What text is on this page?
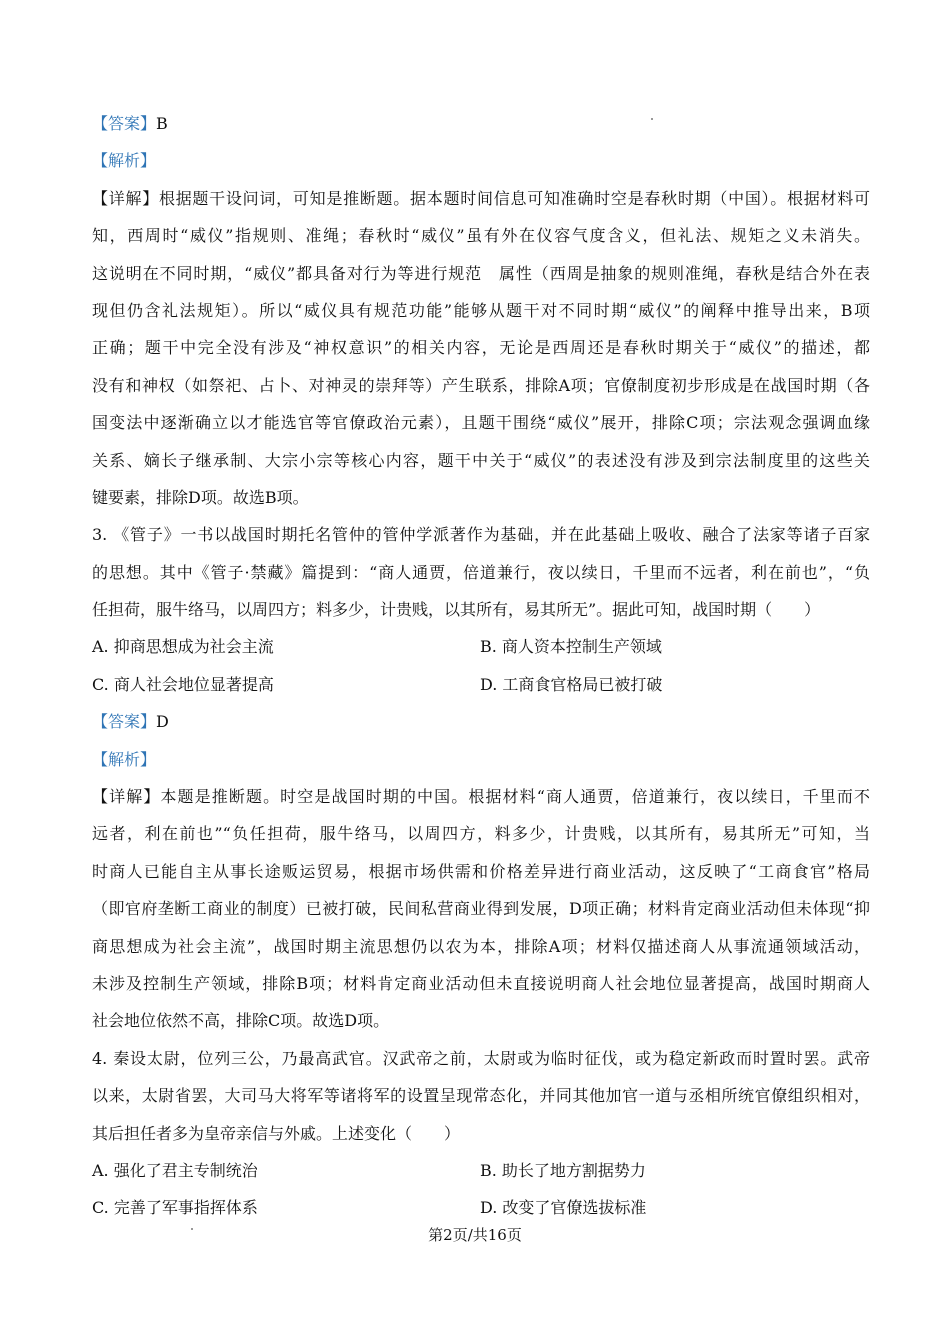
【答案】B
【解析】
【详解】根据题干设问词，可知是推断题。据本题时间信息可知准确时空是春秋时期（中国）。根据材料可
知，西周时“威仪”指规则、准绳；春秋时“威仪”虽有外在仪容气度含义，但礼法、规矩之义未消失。
这说明在不同时期，“威仪”都具备对行为等进行规范　属性（西周是抽象的规则准绳，春秋是结合外在表
现但仍含礼法规矩）。所以“威仪具有规范功能”能够从题干对不同时期“威仪”的阐释中推导出来，B项
正确；题干中完全没有涉及“神权意识”的相关内容，无论是西周还是春秋时期关于“威仪”的描述，都
没有和神权（如祭祀、占卜、对神灵的崇拜等）产生联系，排除A项；官僚制度初步形成是在战国时期（各
国变法中逐渐确立以才能选官等官僚政治元素），且题干围绕“威仪”展开，排除C项；宗法观念强调血缘
关系、嫡长子继承制、大宗小宗等核心内容，题干中关于“威仪”的表述没有涉及到宗法制度里的这些关
键要素，排除D项。故选B项。
3. 《管子》一书以战国时期托名管仲的管仲学派著作为基础，并在此基础上吸收、融合了法家等诸子百家
的思想。其中《管子·禁藏》篇提到：“商人通贾，倍道兼行，夜以续日，千里而不远者，利在前也”，“负
任担荷，服牛络马，以周四方；料多少，计贵贱，以其所有，易其所无”。据此可知，战国时期（　　）
A. 抑商思想成为社会主流	B. 商人资本控制生产领域
C. 商人社会地位显著提高	D. 工商食官格局已被打破
【答案】D
【解析】
【详解】本题是推断题。时空是战国时期的中国。根据材料“商人通贾，倍道兼行，夜以续日，千里而不
远者，利在前也”“负任担荷，服牛络马，以周四方，料多少，计贵贱，以其所有，易其所无”可知，当
时商人已能自主从事长途贩运贸易，根据市场供需和价格差异进行商业活动，这反映了“工商食官”格局
（即官府垄断工商业的制度）已被打破，民间私营商业得到发展，D项正确；材料肯定商业活动但未体现“抑
商思想成为社会主流”，战国时期主流思想仍以农为本，排除A项；材料仅描述商人从事流通领域活动，
未涉及控制生产领域，排除B项；材料肯定商业活动但未直接说明商人社会地位显著提高，战国时期商人
社会地位依然不高，排除C项。故选D项。
4. 秦设太尉，位列三公，乃最高武官。汉武帝之前，太尉或为临时征伐，或为稳定新政而时置时罢。武帝
以来，太尉省罢，大司马大将军等诸将军的设置呈现常态化，并同其他加官一道与丞相所统官僚组织相对，
其后担任者多为皇帝亲信与外戚。上述变化（　　）
A. 强化了君主专制统治	B. 助长了地方割据势力
C. 完善了军事指挥体系	D. 改变了官僚选拔标准
第2页/共16页
